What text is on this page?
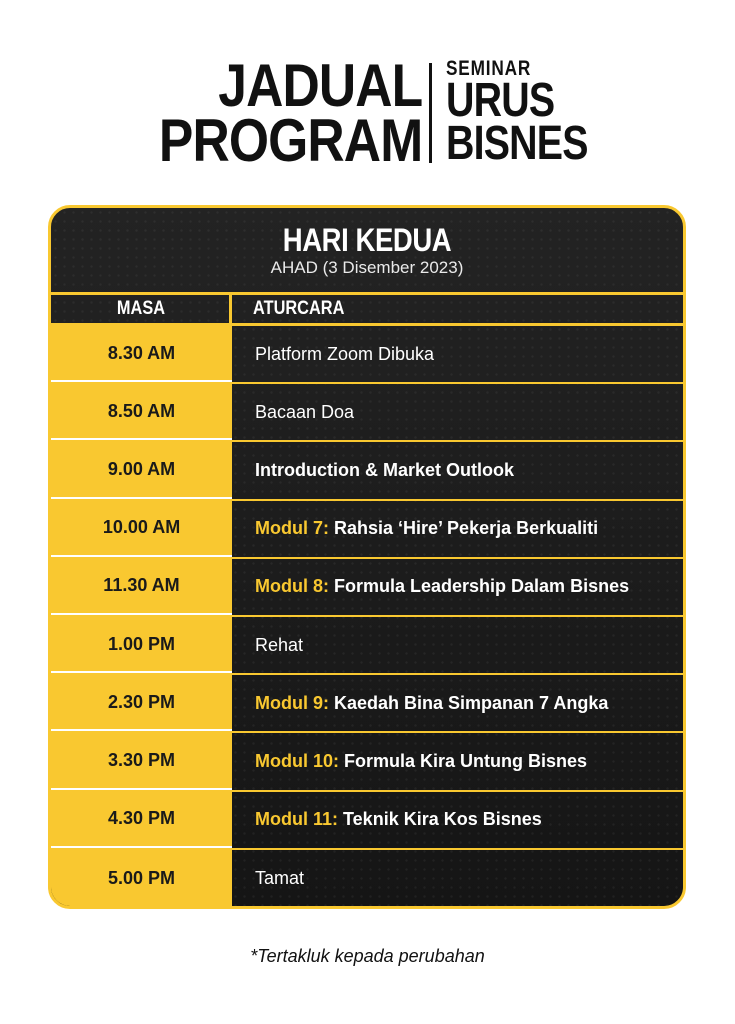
JADUAL
PROGRAM
SEMINAR
URUS
BISNES
HARI KEDUA
AHAD (3 Disember 2023)
MASA	ATURCARA
8.30 AM	Platform Zoom Dibuka
8.50 AM	Bacaan Doa
9.00 AM	Introduction & Market Outlook
10.00 AM	Modul 7: Rahsia ‘Hire’ Pekerja Berkualiti
11.30 AM	Modul 8: Formula Leadership Dalam Bisnes
1.00 PM	Rehat
2.30 PM	Modul 9: Kaedah Bina Simpanan 7 Angka
3.30 PM	Modul 10: Formula Kira Untung Bisnes
4.30 PM	Modul 11: Teknik Kira Kos Bisnes
5.00 PM	Tamat
*Tertakluk kepada perubahan
